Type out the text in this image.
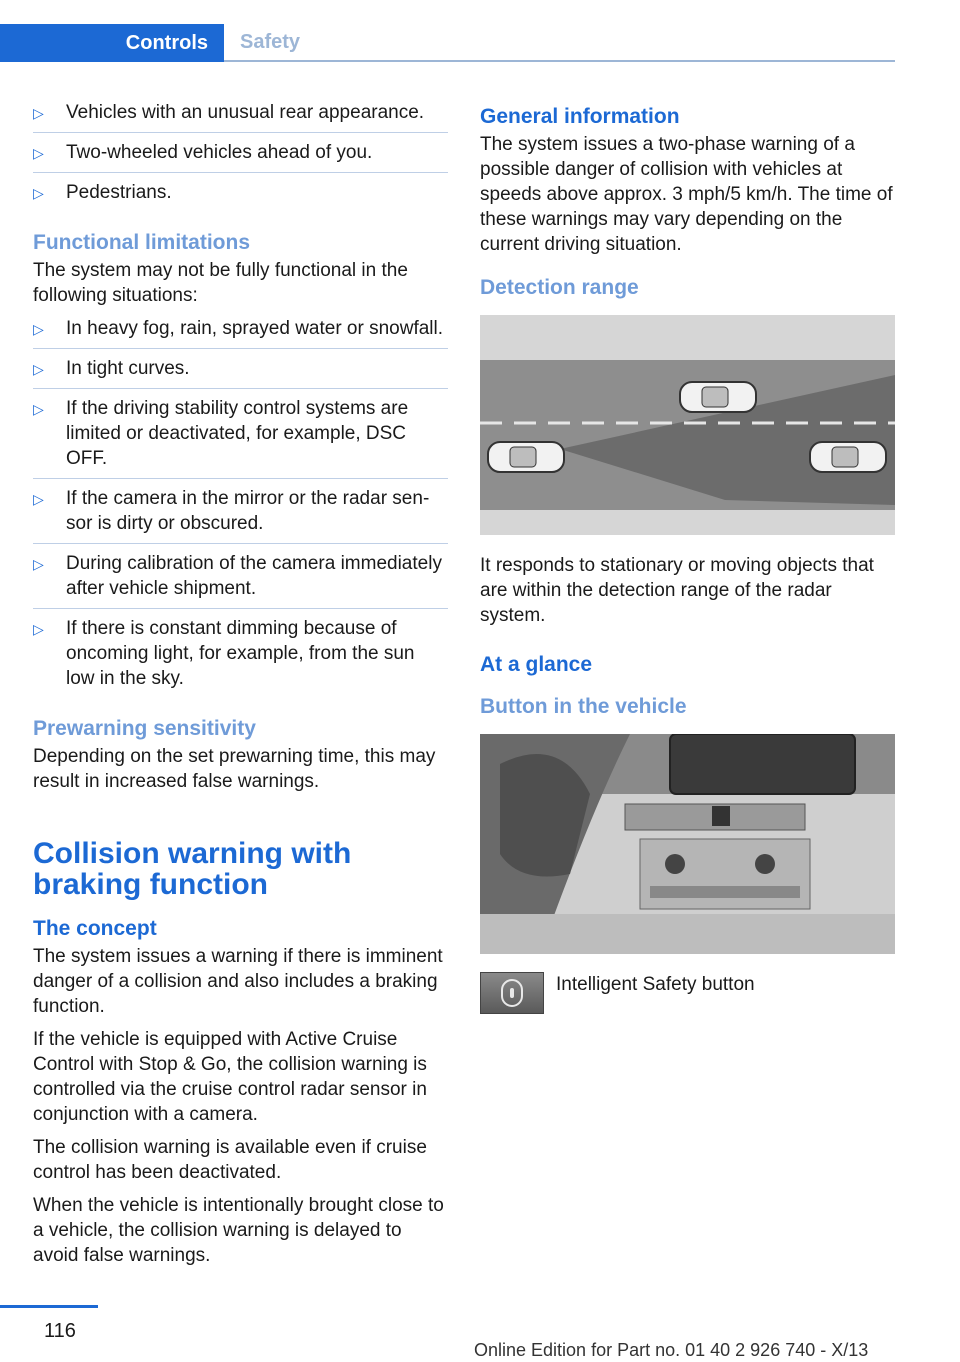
Controls	Safety
▷ Vehicles with an unusual rear appearance.
▷ Two-wheeled vehicles ahead of you.
▷ Pedestrians.
Functional limitations

The system may not be fully functional in the following situations:

▷ In heavy fog, rain, sprayed water or snowfall.
▷ In tight curves.
▷ If the driving stability control systems are limited or deactivated, for example, DSC OFF.
▷ If the camera in the mirror or the radar sensor is dirty or obscured.
▷ During calibration of the camera immediately after vehicle shipment.
▷ If there is constant dimming because of oncoming light, for example, from the sun low in the sky.
Prewarning sensitivity

Depending on the set prewarning time, this may result in increased false warnings.

Collision warning with braking function
The concept

The system issues a warning if there is imminent danger of a collision and also includes a braking function.

If the vehicle is equipped with Active Cruise Control with Stop & Go, the collision warning is controlled via the cruise control radar sensor in conjunction with a camera.

The collision warning is available even if cruise control has been deactivated.

When the vehicle is intentionally brought close to a vehicle, the collision warning is delayed to avoid false warnings.

General information

The system issues a two-phase warning of a possible danger of collision with vehicles at speeds above approx. 3 mph/5 km/h. The time of these warnings may vary depending on the current driving situation.

Detection range

It responds to stationary or moving objects that are within the detection range of the radar system.

At a glance
Button in the vehicle
Intelligent Safety button
116
Online Edition for Part no. 01 40 2 926 740 - X/13
